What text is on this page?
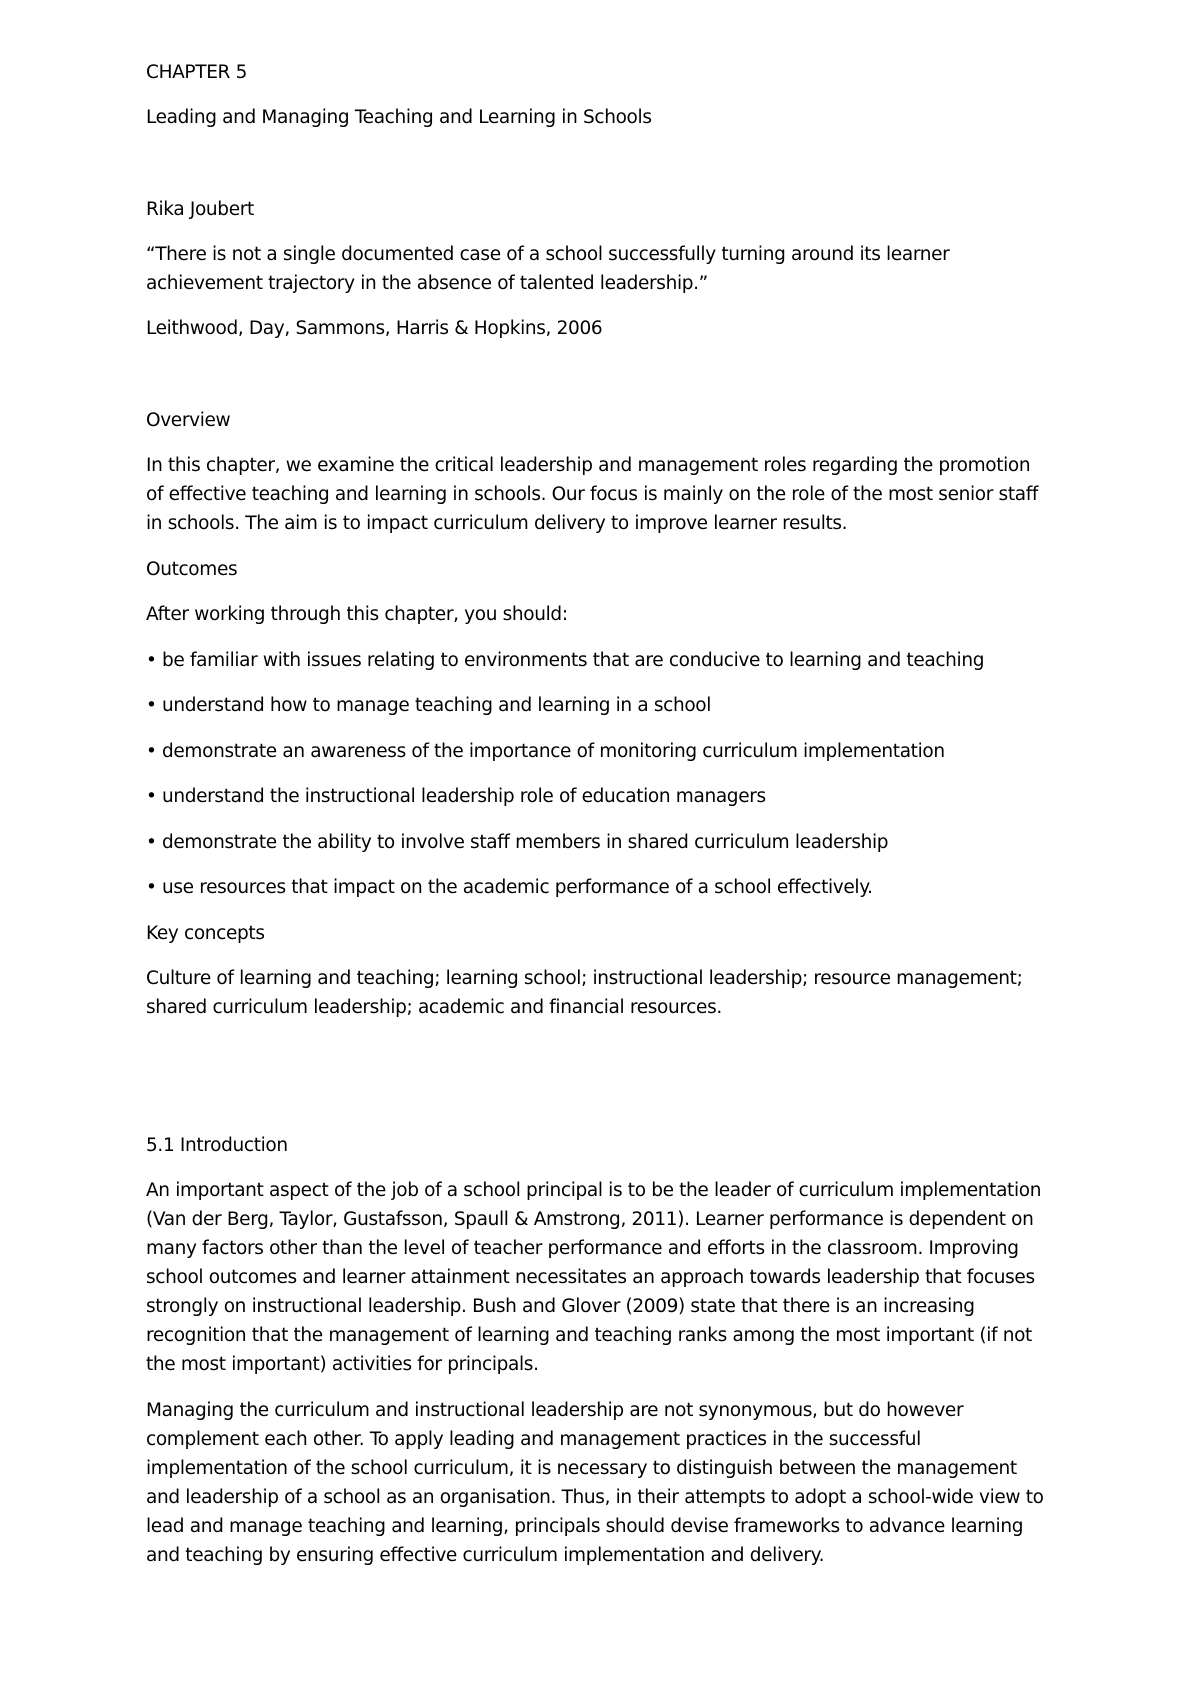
CHAPTER 5

Leading and Managing Teaching and Learning in Schools

Rika Joubert

“There is not a single documented case of a school successfully turning around its learner

achievement trajectory in the absence of talented leadership.”

Leithwood, Day, Sammons, Harris & Hopkins, 2006

Overview

In this chapter, we examine the critical leadership and management roles regarding the promotion

of effective teaching and learning in schools. Our focus is mainly on the role of the most senior staff

in schools. The aim is to impact curriculum delivery to improve learner results.

Outcomes

After working through this chapter, you should:

• be familiar with issues relating to environments that are conducive to learning and teaching

• understand how to manage teaching and learning in a school

• demonstrate an awareness of the importance of monitoring curriculum implementation

• understand the instructional leadership role of education managers

• demonstrate the ability to involve staff members in shared curriculum leadership

• use resources that impact on the academic performance of a school effectively.

Key concepts

Culture of learning and teaching; learning school; instructional leadership; resource management;

shared curriculum leadership; academic and financial resources.

5.1 Introduction

An important aspect of the job of a school principal is to be the leader of curriculum implementation

(Van der Berg, Taylor, Gustafsson, Spaull & Amstrong, 2011). Learner performance is dependent on

many factors other than the level of teacher performance and efforts in the classroom. Improving

school outcomes and learner attainment necessitates an approach towards leadership that focuses

strongly on instructional leadership. Bush and Glover (2009) state that there is an increasing

recognition that the management of learning and teaching ranks among the most important (if not

the most important) activities for principals.

Managing the curriculum and instructional leadership are not synonymous, but do however

complement each other. To apply leading and management practices in the successful

implementation of the school curriculum, it is necessary to distinguish between the management

and leadership of a school as an organisation. Thus, in their attempts to adopt a school-wide view to

lead and manage teaching and learning, principals should devise frameworks to advance learning

and teaching by ensuring effective curriculum implementation and delivery.
